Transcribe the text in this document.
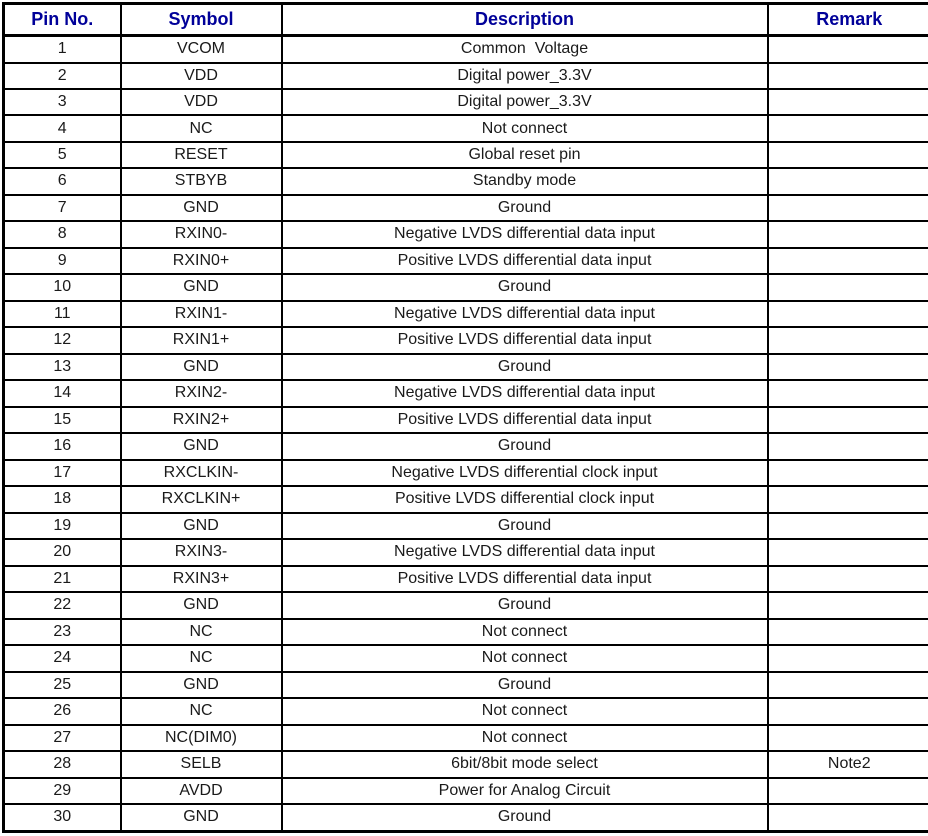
Pin No.	Symbol	Description	Remark
1	VCOM	Common  Voltage	
2	VDD	Digital power_3.3V	
3	VDD	Digital power_3.3V	
4	NC	Not connect	
5	RESET	Global reset pin	
6	STBYB	Standby mode	
7	GND	Ground	
8	RXIN0-	Negative LVDS differential data input	
9	RXIN0+	Positive LVDS differential data input	
10	GND	Ground	
11	RXIN1-	Negative LVDS differential data input	
12	RXIN1+	Positive LVDS differential data input	
13	GND	Ground	
14	RXIN2-	Negative LVDS differential data input	
15	RXIN2+	Positive LVDS differential data input	
16	GND	Ground	
17	RXCLKIN-	Negative LVDS differential clock input	
18	RXCLKIN+	Positive LVDS differential clock input	
19	GND	Ground	
20	RXIN3-	Negative LVDS differential data input	
21	RXIN3+	Positive LVDS differential data input	
22	GND	Ground	
23	NC	Not connect	
24	NC	Not connect	
25	GND	Ground	
26	NC	Not connect	
27	NC(DIM0)	Not connect	
28	SELB	6bit/8bit mode select	Note2
29	AVDD	Power for Analog Circuit	
30	GND	Ground	
